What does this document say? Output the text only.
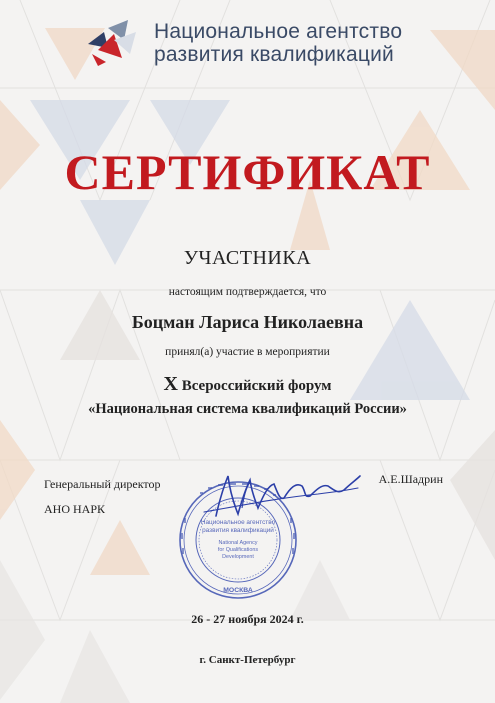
Национальное агентство
развития квалификаций
СЕРТИФИКАТ
УЧАСТНИКА
настоящим подтверждается, что
Боцман Лариса Николаевна
принял(а) участие в мероприятии
X Всероссийский форум
«Национальная система квалификаций России»
Генеральный директор
АНО НАРК
А.Е.Шадрин
Национальное агентство
развития квалификаций
National Agency
for Qualifications
Development
МОСКВА
26 - 27 ноября 2024 г.
г. Санкт-Петербург
